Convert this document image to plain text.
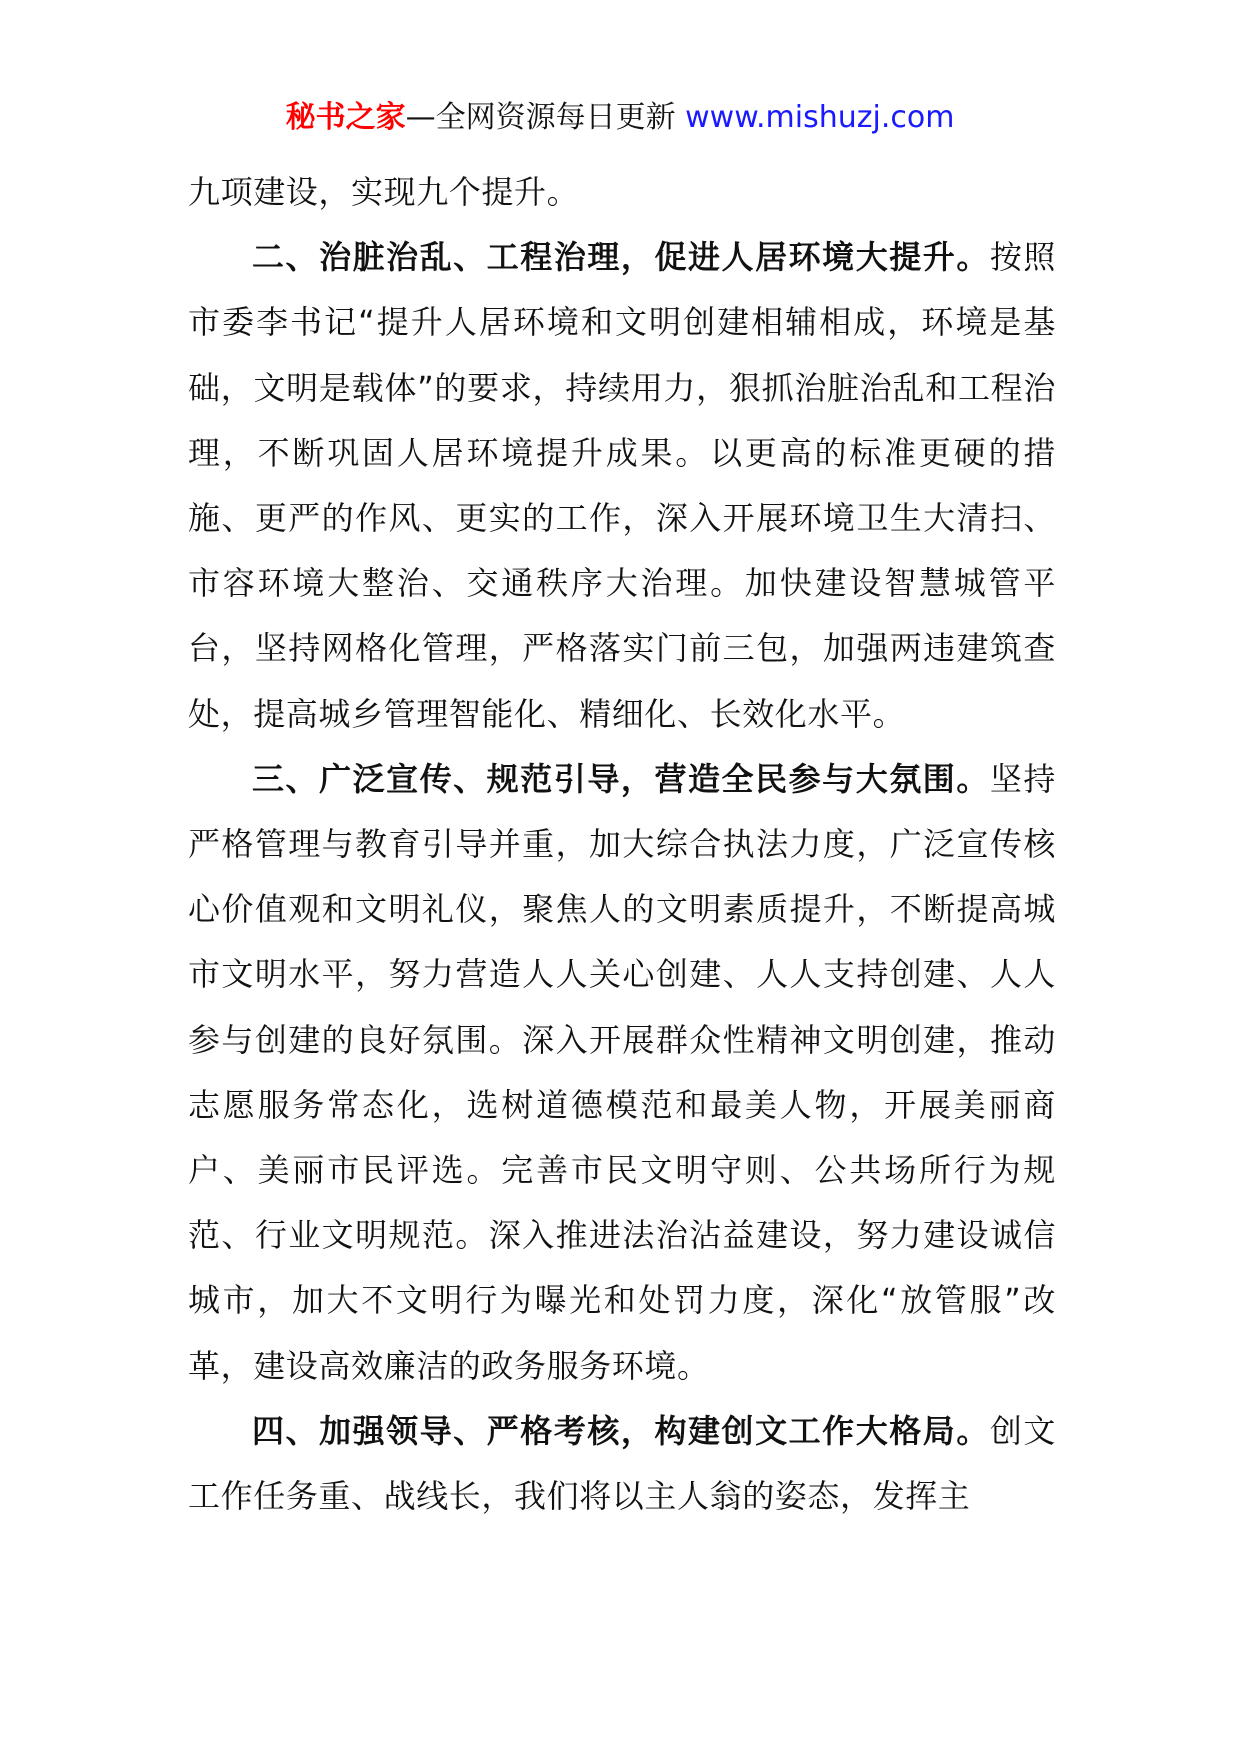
秘书之家—全网资源每日更新 www.mishuzj.com

九项建设，实现九个提升。

二、治脏治乱、工程治理，促进人居环境大提升。按照市委李书记“提升人居环境和文明创建相辅相成，环境是基础，文明是载体”的要求，持续用力，狠抓治脏治乱和工程治理，不断巩固人居环境提升成果。以更高的标准更硬的措施、更严的作风、更实的工作，深入开展环境卫生大清扫、市容环境大整治、交通秩序大治理。加快建设智慧城管平台，坚持网格化管理，严格落实门前三包，加强两违建筑查处，提高城乡管理智能化、精细化、长效化水平。

三、广泛宣传、规范引导，营造全民参与大氛围。坚持严格管理与教育引导并重，加大综合执法力度，广泛宣传核心价值观和文明礼仪，聚焦人的文明素质提升，不断提高城市文明水平，努力营造人人关心创建、人人支持创建、人人参与创建的良好氛围。深入开展群众性精神文明创建，推动志愿服务常态化，选树道德模范和最美人物，开展美丽商户、美丽市民评选。完善市民文明守则、公共场所行为规范、行业文明规范。深入推进法治沾益建设，努力建设诚信城市，加大不文明行为曝光和处罚力度，深化“放管服”改革，建设高效廉洁的政务服务环境。

四、加强领导、严格考核，构建创文工作大格局。创文工作任务重、战线长，我们将以主人翁的姿态，发挥主
